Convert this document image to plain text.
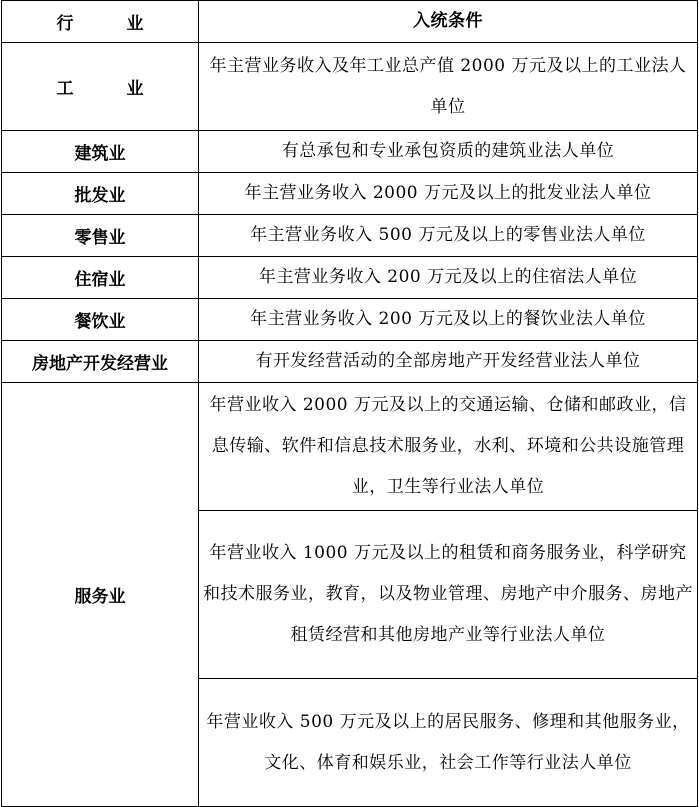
行　业	入统条件
工　业	年主营业务收入及年工业总产值 2000 万元及以上的工业法人单位
建筑业	有总承包和专业承包资质的建筑业法人单位
批发业	年主营业务收入 2000 万元及以上的批发业法人单位
零售业	年主营业务收入 500 万元及以上的零售业法人单位
住宿业	年主营业务收入 200 万元及以上的住宿法人单位
餐饮业	年主营业务收入 200 万元及以上的餐饮业法人单位
房地产开发经营业	有开发经营活动的全部房地产开发经营业法人单位
服务业	年营业收入 2000 万元及以上的交通运输、仓储和邮政业，信息传输、软件和信息技术服务业，水利、环境和公共设施管理业，卫生等行业法人单位
	年营业收入 1000 万元及以上的租赁和商务服务业，科学研究和技术服务业，教育，以及物业管理、房地产中介服务、房地产租赁经营和其他房地产业等行业法人单位
	年营业收入 500 万元及以上的居民服务、修理和其他服务业，文化、体育和娱乐业，社会工作等行业法人单位
